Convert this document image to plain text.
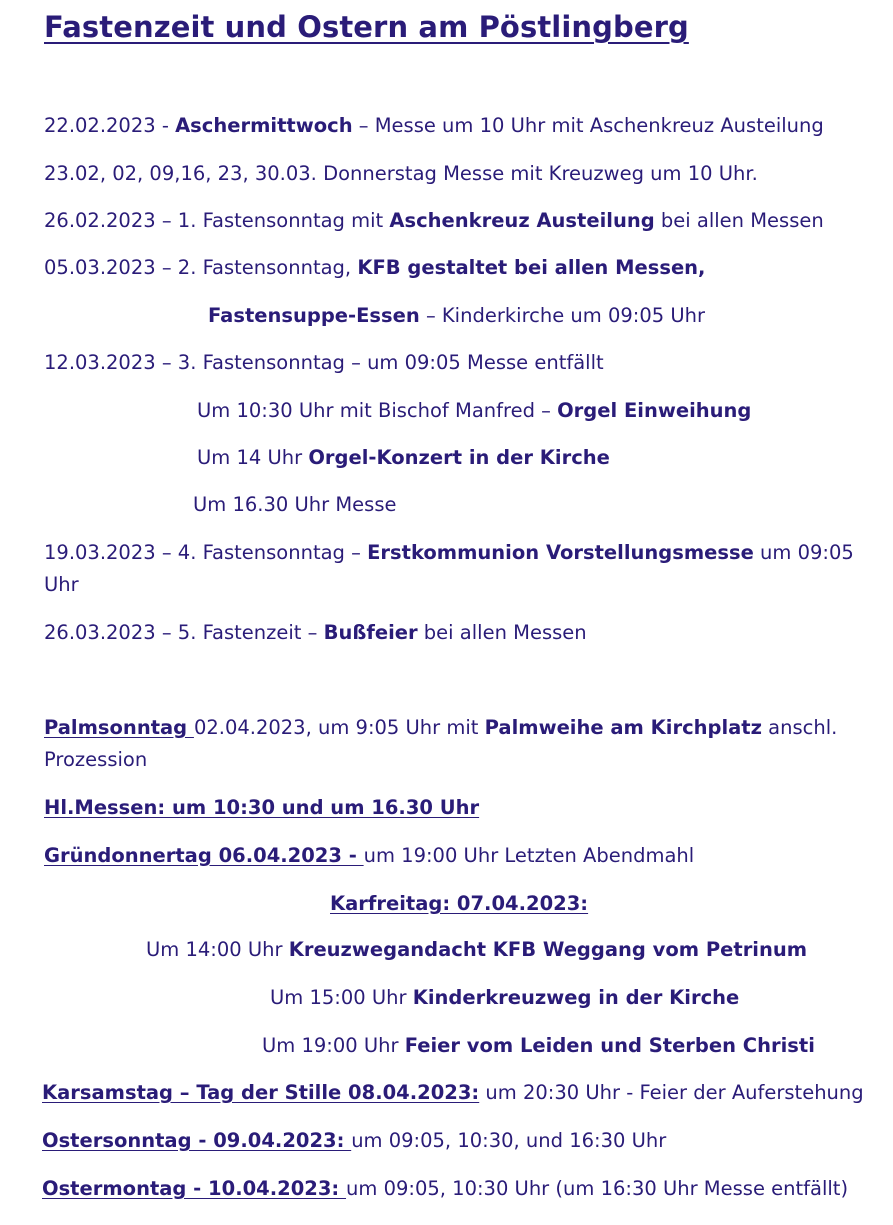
Fastenzeit und Ostern am Pöstlingberg
22.02.2023 - Aschermittwoch – Messe um 10 Uhr mit Aschenkreuz Austeilung
23.02, 02, 09,16, 23, 30.03. Donnerstag Messe mit Kreuzweg um 10 Uhr.
26.02.2023 – 1. Fastensonntag mit Aschenkreuz Austeilung bei allen Messen
05.03.2023 – 2. Fastensonntag, KFB gestaltet bei allen Messen,
Fastensuppe-Essen – Kinderkirche um 09:05 Uhr
12.03.2023 – 3. Fastensonntag – um 09:05 Messe entfällt
Um 10:30 Uhr mit Bischof Manfred – Orgel Einweihung
Um 14 Uhr Orgel-Konzert in der Kirche
Um 16.30 Uhr Messe
19.03.2023 – 4. Fastensonntag – Erstkommunion Vorstellungsmesse um 09:05 Uhr
26.03.2023 – 5. Fastenzeit – Bußfeier bei allen Messen
Palmsonntag 02.04.2023, um 9:05 Uhr mit Palmweihe am Kirchplatz anschl. Prozession
Hl.Messen: um 10:30 und um 16.30 Uhr
Gründonnertag 06.04.2023 - um 19:00 Uhr Letzten Abendmahl
Karfreitag: 07.04.2023:
Um 14:00 Uhr Kreuzwegandacht KFB Weggang vom Petrinum
Um 15:00 Uhr Kinderkreuzweg in der Kirche
Um 19:00 Uhr Feier vom Leiden und Sterben Christi
Karsamstag – Tag der Stille 08.04.2023: um 20:30 Uhr - Feier der Auferstehung
Ostersonntag - 09.04.2023: um 09:05, 10:30, und 16:30 Uhr
Ostermontag - 10.04.2023: um 09:05, 10:30 Uhr (um 16:30 Uhr Messe entfällt)
